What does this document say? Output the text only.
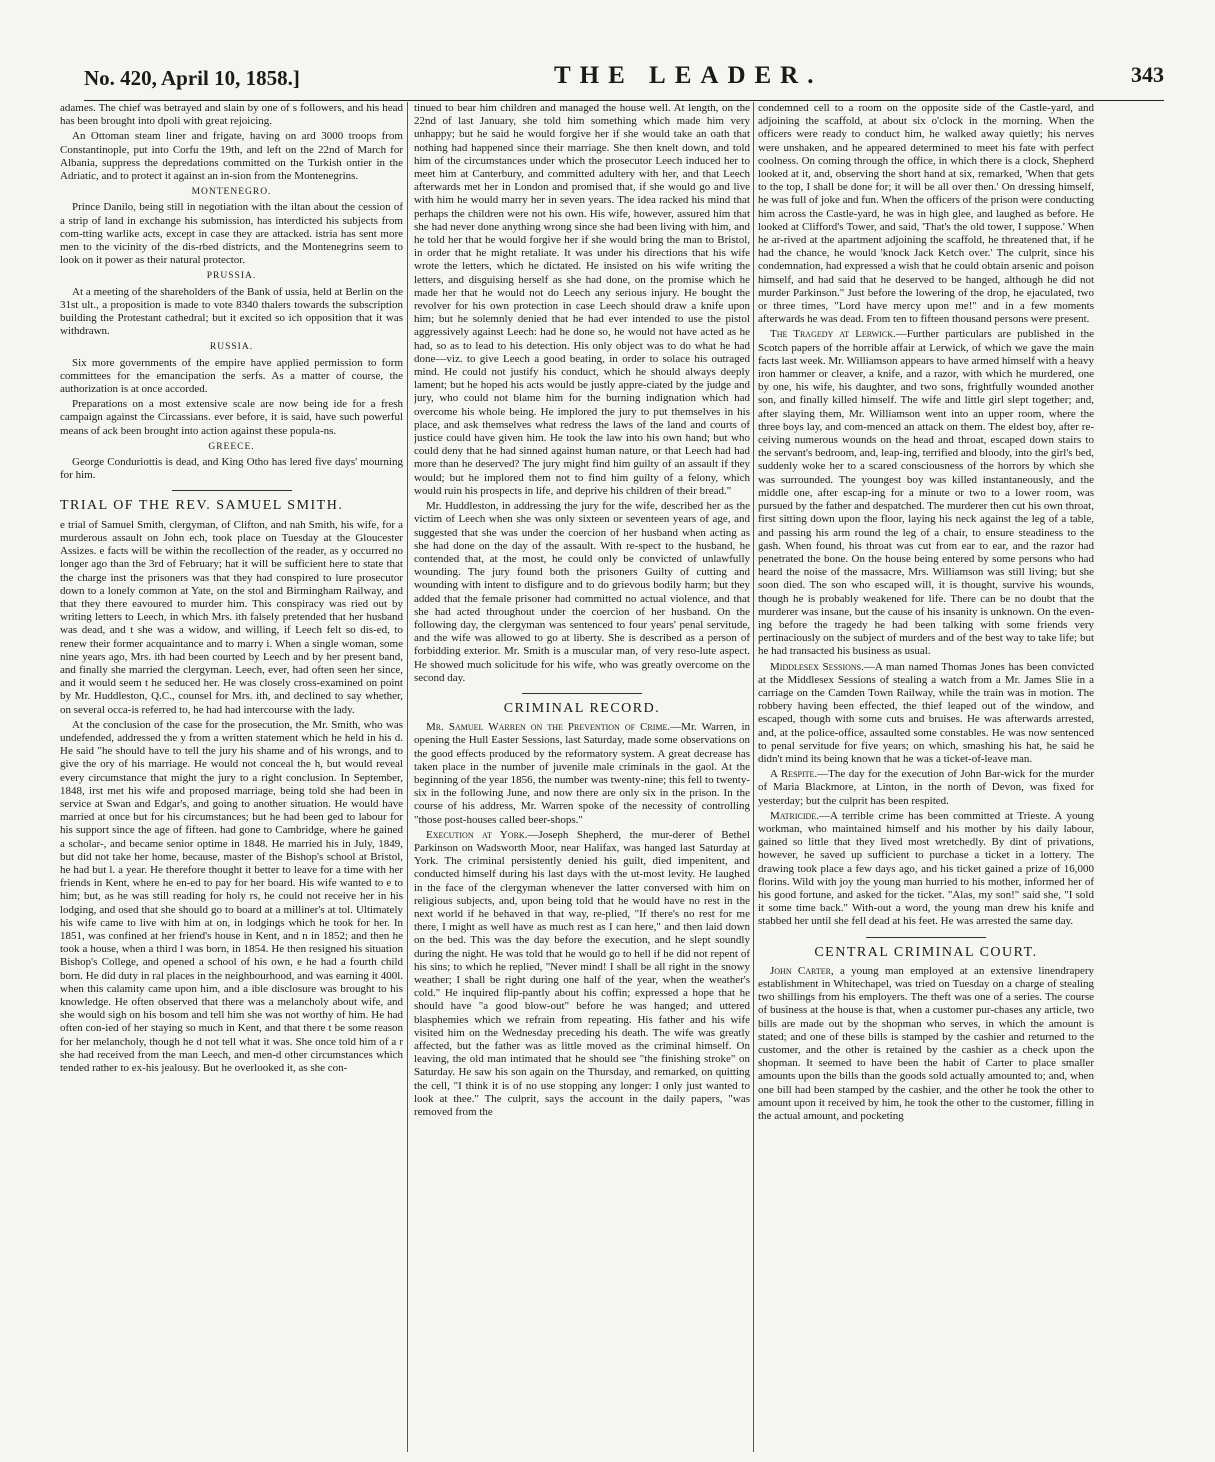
No. 420, April 10, 1858.]	THE LEADER.	343

adames. The chief was betrayed and slain by one of s followers, and his head has been brought into dpoli with great rejoicing.

An Ottoman steam liner and frigate, having on ard 3000 troops from Constantinople, put into Corfu the 19th, and left on the 22nd of March for Albania, suppress the depredations committed on the Turkish ontier in the Adriatic, and to protect it against an in-sion from the Montenegrins.

MONTENEGRO.

Prince Danilo, being still in negotiation with the iltan about the cession of a strip of land in exchange his submission, has interdicted his subjects from com-tting warlike acts, except in case they are attacked. istria has sent more men to the vicinity of the dis-rbed districts, and the Montenegrins seem to look on it power as their natural protector.

PRUSSIA.

At a meeting of the shareholders of the Bank of ussia, held at Berlin on the 31st ult., a proposition is made to vote 8340 thalers towards the subscription building the Protestant cathedral; but it excited so ich opposition that it was withdrawn.

RUSSIA.

Six more governments of the empire have applied permission to form committees for the emancipation the serfs. As a matter of course, the authorization is at once accorded.

Preparations on a most extensive scale are now being ide for a fresh campaign against the Circassians. ever before, it is said, have such powerful means of ack been brought into action against these popula-ns.

GREECE.

George Conduriottis is dead, and King Otho has lered five days' mourning for him.

TRIAL OF THE REV. SAMUEL SMITH.

e trial of Samuel Smith, clergyman, of Clifton, and nah Smith, his wife, for a murderous assault on John ech, took place on Tuesday at the Gloucester Assizes. e facts will be within the recollection of the reader, as y occurred no longer ago than the 3rd of February; hat it will be sufficient here to state that the charge inst the prisoners was that they had conspired to lure prosecutor down to a lonely common at Yate, on the stol and Birmingham Railway, and that they there eavoured to murder him. This conspiracy was ried out by writing letters to Leech, in which Mrs. ith falsely pretended that her husband was dead, and t she was a widow, and willing, if Leech felt so dis-ed, to renew their former acquaintance and to marry i. When a single woman, some nine years ago, Mrs. ith had been courted by Leech and by her present band, and finally she married the clergyman. Leech, ever, had often seen her since, and it would seem t he seduced her. He was closely cross-examined on point by Mr. Huddleston, Q.C., counsel for Mrs. ith, and declined to say whether, on several occa-is referred to, he had had intercourse with the lady.

At the conclusion of the case for the prosecution, the Mr. Smith, who was undefended, addressed the y from a written statement which he held in his d. He said "he should have to tell the jury his shame and of his wrongs, and to give the ory of his marriage. He would not conceal the h, but would reveal every circumstance that might the jury to a right conclusion. In September, 1848, irst met his wife and proposed marriage, being told she had been in service at Swan and Edgar's, and going to another situation. He would have married at once but for his circumstances; but he had been ged to labour for his support since the age of fifteen. had gone to Cambridge, where he gained a scholar-, and became senior optime in 1848. He married his in July, 1849, but did not take her home, because, master of the Bishop's school at Bristol, he had but l. a year. He therefore thought it better to leave for a time with her friends in Kent, where he en-ed to pay for her board. His wife wanted to e to him; but, as he was still reading for holy rs, he could not receive her in his lodging, and osed that she should go to board at a milliner's at tol. Ultimately his wife came to live with him at on, in lodgings which he took for her. In 1851, was confined at her friend's house in Kent, and n in 1852; and then he took a house, when a third l was born, in 1854. He then resigned his situation Bishop's College, and opened a school of his own, e he had a fourth child born. He did duty in ral places in the neighbourhood, and was earning it 400l. when this calamity came upon him, and a ible disclosure was brought to his knowledge. He often observed that there was a melancholy about wife, and she would sigh on his bosom and tell him she was not worthy of him. He had often con-ied of her staying so much in Kent, and that there t be some reason for her melancholy, though he d not tell what it was. She once told him of a r she had received from the man Leech, and men-d other circumstances which tended rather to ex-his jealousy. But he overlooked it, as she con-

tinued to bear him children and managed the house well. At length, on the 22nd of last January, she told him something which made him very unhappy; but he said he would forgive her if she would take an oath that nothing had happened since their marriage. She then knelt down, and told him of the circumstances under which the prosecutor Leech induced her to meet him at Canterbury, and committed adultery with her, and that Leech afterwards met her in London and promised that, if she would go and live with him he would marry her in seven years. The idea racked his mind that perhaps the children were not his own. His wife, however, assured him that she had never done anything wrong since she had been living with him, and he told her that he would forgive her if she would bring the man to Bristol, in order that he might retaliate. It was under his directions that his wife wrote the letters, which he dictated. He insisted on his wife writing the letters, and disguising herself as she had done, on the promise which he made her that he would not do Leech any serious injury. He bought the revolver for his own protection in case Leech should draw a knife upon him; but he solemnly denied that he had ever intended to use the pistol aggressively against Leech: had he done so, he would not have acted as he had, so as to lead to his detection. His only object was to do what he had done—viz. to give Leech a good beating, in order to solace his outraged mind. He could not justify his conduct, which he should always deeply lament; but he hoped his acts would be justly appre-ciated by the judge and jury, who could not blame him for the burning indignation which had overcome his whole being. He implored the jury to put themselves in his place, and ask themselves what redress the laws of the land and courts of justice could have given him. He took the law into his own hand; but who could deny that he had sinned against human nature, or that Leech had had more than he deserved? The jury might find him guilty of an assault if they would; but he implored them not to find him guilty of a felony, which would ruin his prospects in life, and deprive his children of their bread."

Mr. Huddleston, in addressing the jury for the wife, described her as the victim of Leech when she was only sixteen or seventeen years of age, and suggested that she was under the coercion of her husband when acting as she had done on the day of the assault. With re-spect to the husband, he contended that, at the most, he could only be convicted of unlawfully wounding. The jury found both the prisoners Guilty of cutting and wounding with intent to disfigure and to do grievous bodily harm; but they added that the female prisoner had committed no actual violence, and that she had acted throughout under the coercion of her husband. On the following day, the clergyman was sentenced to four years' penal servitude, and the wife was allowed to go at liberty. She is described as a person of forbidding exterior. Mr. Smith is a muscular man, of very reso-lute aspect. He showed much solicitude for his wife, who was greatly overcome on the second day.

CRIMINAL RECORD.

Mr. Samuel Warren on the Prevention of Crime.—Mr. Warren, in opening the Hull Easter Sessions, last Saturday, made some observations on the good effects produced by the reformatory system. A great decrease has taken place in the number of juvenile male criminals in the gaol. At the beginning of the year 1856, the number was twenty-nine; this fell to twenty-six in the following June, and now there are only six in the prison. In the course of his address, Mr. Warren spoke of the necessity of controlling "those post-houses called beer-shops."

Execution at York.—Joseph Shepherd, the mur-derer of Bethel Parkinson on Wadsworth Moor, near Halifax, was hanged last Saturday at York. The criminal persistently denied his guilt, died impenitent, and conducted himself during his last days with the ut-most levity. He laughed in the face of the clergyman whenever the latter conversed with him on religious subjects, and, upon being told that he would have no rest in the next world if he behaved in that way, re-plied, "If there's no rest for me there, I might as well have as much rest as I can here," and then laid down on the bed. This was the day before the execution, and he slept soundly during the night. He was told that he would go to hell if he did not repent of his sins; to which he replied, "Never mind! I shall be all right in the snowy weather; I shall be right during one half of the year, when the weather's cold." He inquired flip-pantly about his coffin; expressed a hope that he should have "a good blow-out" before he was hanged; and uttered blasphemies which we refrain from repeating. His father and his wife visited him on the Wednesday preceding his death. The wife was greatly affected, but the father was as little moved as the criminal himself. On leaving, the old man intimated that he should see "the finishing stroke" on Saturday. He saw his son again on the Thursday, and remarked, on quitting the cell, "I think it is of no use stopping any longer: I only just wanted to look at thee." The culprit, says the account in the daily papers, "was removed from the

condemned cell to a room on the opposite side of the Castle-yard, and adjoining the scaffold, at about six o'clock in the morning. When the officers were ready to conduct him, he walked away quietly; his nerves were unshaken, and he appeared determined to meet his fate with perfect coolness. On coming through the office, in which there is a clock, Shepherd looked at it, and, observing the short hand at six, remarked, 'When that gets to the top, I shall be done for; it will be all over then.' On dressing himself, he was full of joke and fun. When the officers of the prison were conducting him across the Castle-yard, he was in high glee, and laughed as before. He looked at Clifford's Tower, and said, 'That's the old tower, I suppose.' When he ar-rived at the apartment adjoining the scaffold, he threatened that, if he had the chance, he would 'knock Jack Ketch over.' The culprit, since his condemnation, had expressed a wish that he could obtain arsenic and poison himself, and had said that he deserved to be hanged, although he did not murder Parkinson." Just before the lowering of the drop, he ejaculated, two or three times, "Lord have mercy upon me!" and in a few moments afterwards he was dead. From ten to fifteen thousand persons were present.

The Tragedy at Lerwick.—Further particulars are published in the Scotch papers of the horrible affair at Lerwick, of which we gave the main facts last week. Mr. Williamson appears to have armed himself with a heavy iron hammer or cleaver, a knife, and a razor, with which he murdered, one by one, his wife, his daughter, and two sons, frightfully wounded another son, and finally killed himself. The wife and little girl slept together; and, after slaying them, Mr. Williamson went into an upper room, where the three boys lay, and com-menced an attack on them. The eldest boy, after re-ceiving numerous wounds on the head and throat, escaped down stairs to the servant's bedroom, and, leap-ing, terrified and bloody, into the girl's bed, suddenly woke her to a scared consciousness of the horrors by which she was surrounded. The youngest boy was killed instantaneously, and the middle one, after escap-ing for a minute or two to a lower room, was pursued by the father and despatched. The murderer then cut his own throat, first sitting down upon the floor, laying his neck against the leg of a table, and passing his arm round the leg of a chair, to ensure steadiness to the gash. When found, his throat was cut from ear to ear, and the razor had penetrated the bone. On the house being entered by some persons who had heard the noise of the massacre, Mrs. Williamson was still living; but she soon died. The son who escaped will, it is thought, survive his wounds, though he is probably weakened for life. There can be no doubt that the murderer was insane, but the cause of his insanity is unknown. On the even-ing before the tragedy he had been talking with some friends very pertinaciously on the subject of murders and of the best way to take life; but he had transacted his business as usual.

Middlesex Sessions.—A man named Thomas Jones has been convicted at the Middlesex Sessions of stealing a watch from a Mr. James Slie in a carriage on the Camden Town Railway, while the train was in motion. The robbery having been effected, the thief leaped out of the window, and escaped, though with some cuts and bruises. He was afterwards arrested, and, at the police-office, assaulted some constables. He was now sentenced to penal servitude for five years; on which, smashing his hat, he said he didn't mind its being known that he was a ticket-of-leave man.

A Respite.—The day for the execution of John Bar-wick for the murder of Maria Blackmore, at Linton, in the north of Devon, was fixed for yesterday; but the culprit has been respited.

Matricide.—A terrible crime has been committed at Trieste. A young workman, who maintained himself and his mother by his daily labour, gained so little that they lived most wretchedly. By dint of privations, however, he saved up sufficient to purchase a ticket in a lottery. The drawing took place a few days ago, and his ticket gained a prize of 16,000 florins. Wild with joy the young man hurried to his mother, informed her of his good fortune, and asked for the ticket. "Alas, my son!" said she, "I sold it some time back." With-out a word, the young man drew his knife and stabbed her until she fell dead at his feet. He was arrested the same day.

CENTRAL CRIMINAL COURT.

John Carter, a young man employed at an extensive linendrapery establishment in Whitechapel, was tried on Tuesday on a charge of stealing two shillings from his employers. The theft was one of a series. The course of business at the house is that, when a customer pur-chases any article, two bills are made out by the shopman who serves, in which the amount is stated; and one of these bills is stamped by the cashier and returned to the customer, and the other is retained by the cashier as a check upon the shopman. It seemed to have been the habit of Carter to place smaller amounts upon the bills than the goods sold actually amounted to; and, when one bill had been stamped by the cashier, and the other he took the other to amount upon it received by him, he took the other to the customer, filling in the actual amount, and pocketing
